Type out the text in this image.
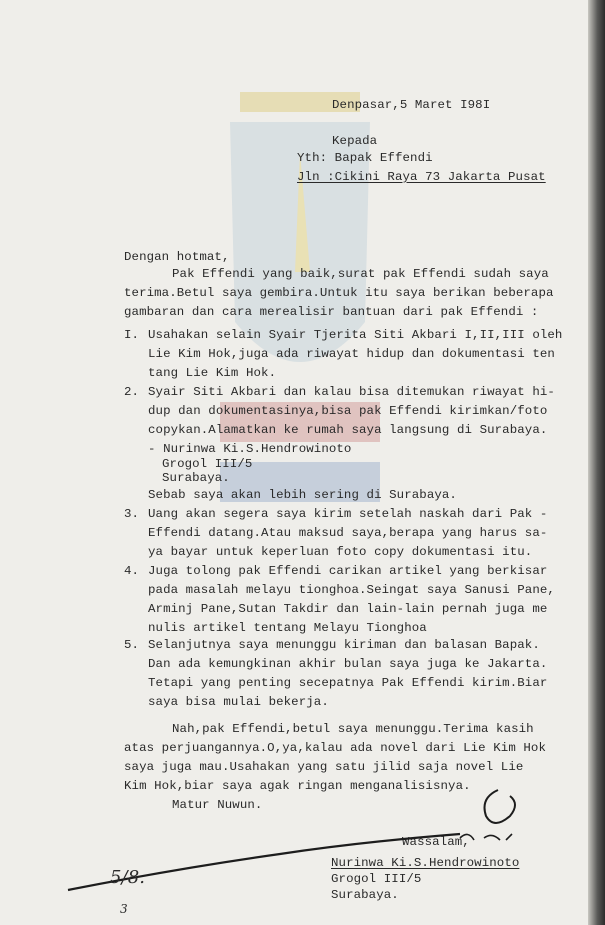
Denpasar,5 Maret I98I
Kepada
Yth: Bapak Effendi
Jln :Cikini Raya 73 Jakarta Pusat
Dengan hotmat,
Pak Effendi yang baik,surat pak Effendi sudah saya
terima.Betul saya gembira.Untuk itu saya berikan beberapa
gambaran dan cara merealisir bantuan dari pak Effendi :
I. Usahakan selain Syair Tjerita Siti Akbari I,II,III oleh
Lie Kim Hok,juga ada riwayat hidup dan dokumentasi ten
tang Lie Kim Hok.
2. Syair Siti Akbari dan kalau bisa ditemukan riwayat hi-
dup dan dokumentasinya,bisa pak Effendi kirimkan/foto
copykan.Alamatkan ke rumah saya langsung di Surabaya.
- Nurinwa Ki.S.Hendrowinoto
Grogol III/5
Surabaya.
Sebab saya akan lebih sering di Surabaya.
3. Uang akan segera saya kirim setelah naskah dari Pak -
Effendi datang.Atau maksud saya,berapa yang harus sa-
ya bayar untuk keperluan foto copy dokumentasi itu.
4. Juga tolong pak Effendi carikan artikel yang berkisar
pada masalah melayu tionghoa.Seingat saya Sanusi Pane,
Arminj Pane,Sutan Takdir dan lain-lain pernah juga me
nulis artikel tentang Melayu Tionghoa
5. Selanjutnya saya menunggu kiriman dan balasan Bapak.
Dan ada kemungkinan akhir bulan saya juga ke Jakarta.
Tetapi yang penting secepatnya Pak Effendi kirim.Biar
saya bisa mulai bekerja.
Nah,pak Effendi,betul saya menunggu.Terima kasih
atas perjuangannya.O,ya,kalau ada novel dari Lie Kim Hok
saya juga mau.Usahakan yang satu jilid saja novel Lie
Kim Hok,biar saya agak ringan menganalisisnya.
Matur Nuwun.
Wassalam,
Nurinwa Ki.S.Hendrowinoto
Grogol III/5
Surabaya.
5/8.
3
